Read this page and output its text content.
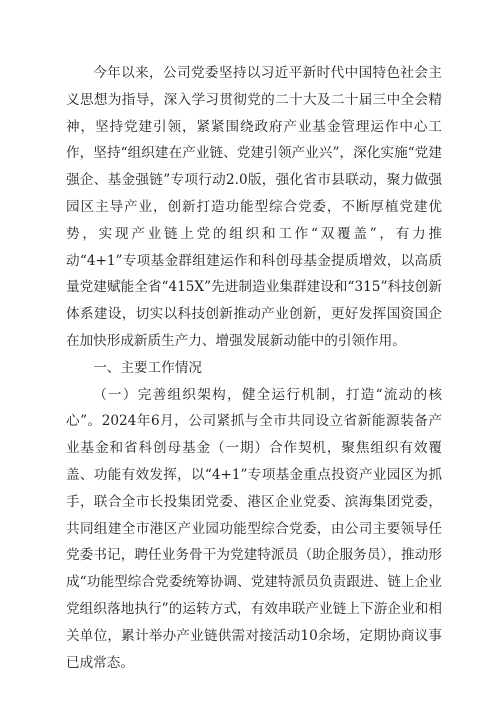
今年以来，公司党委坚持以习近平新时代中国特色社会主义思想为指导，深入学习贯彻党的二十大及二十届三中全会精神，坚持党建引领，紧紧围绕政府产业基金管理运作中心工作，坚持“组织建在产业链、党建引领产业兴”，深化实施“党建强企、基金强链”专项行动2.0版，强化省市县联动，聚力做强园区主导产业，创新打造功能型综合党委，不断厚植党建优势，实现产业链上党的组织和工作“双覆盖”，有力推动“4+1”专项基金群组建运作和科创母基金提质增效，以高质量党建赋能全省“415X”先进制造业集群建设和“315”科技创新体系建设，切实以科技创新推动产业创新，更好发挥国资国企在加快形成新质生产力、增强发展新动能中的引领作用。

一、主要工作情况

（一）完善组织架构，健全运行机制，打造“流动的核心”。2024年6月，公司紧抓与全市共同设立省新能源装备产业基金和省科创母基金（一期）合作契机，聚焦组织有效覆盖、功能有效发挥，以“4+1”专项基金重点投资产业园区为抓手，联合全市长投集团党委、港区企业党委、滨海集团党委，共同组建全市港区产业园功能型综合党委，由公司主要领导任党委书记，聘任业务骨干为党建特派员（助企服务员），推动形成“功能型综合党委统筹协调、党建特派员负责跟进、链上企业党组织落地执行”的运转方式，有效串联产业链上下游企业和相关单位，累计举办产业链供需对接活动10余场，定期协商议事已成常态。
